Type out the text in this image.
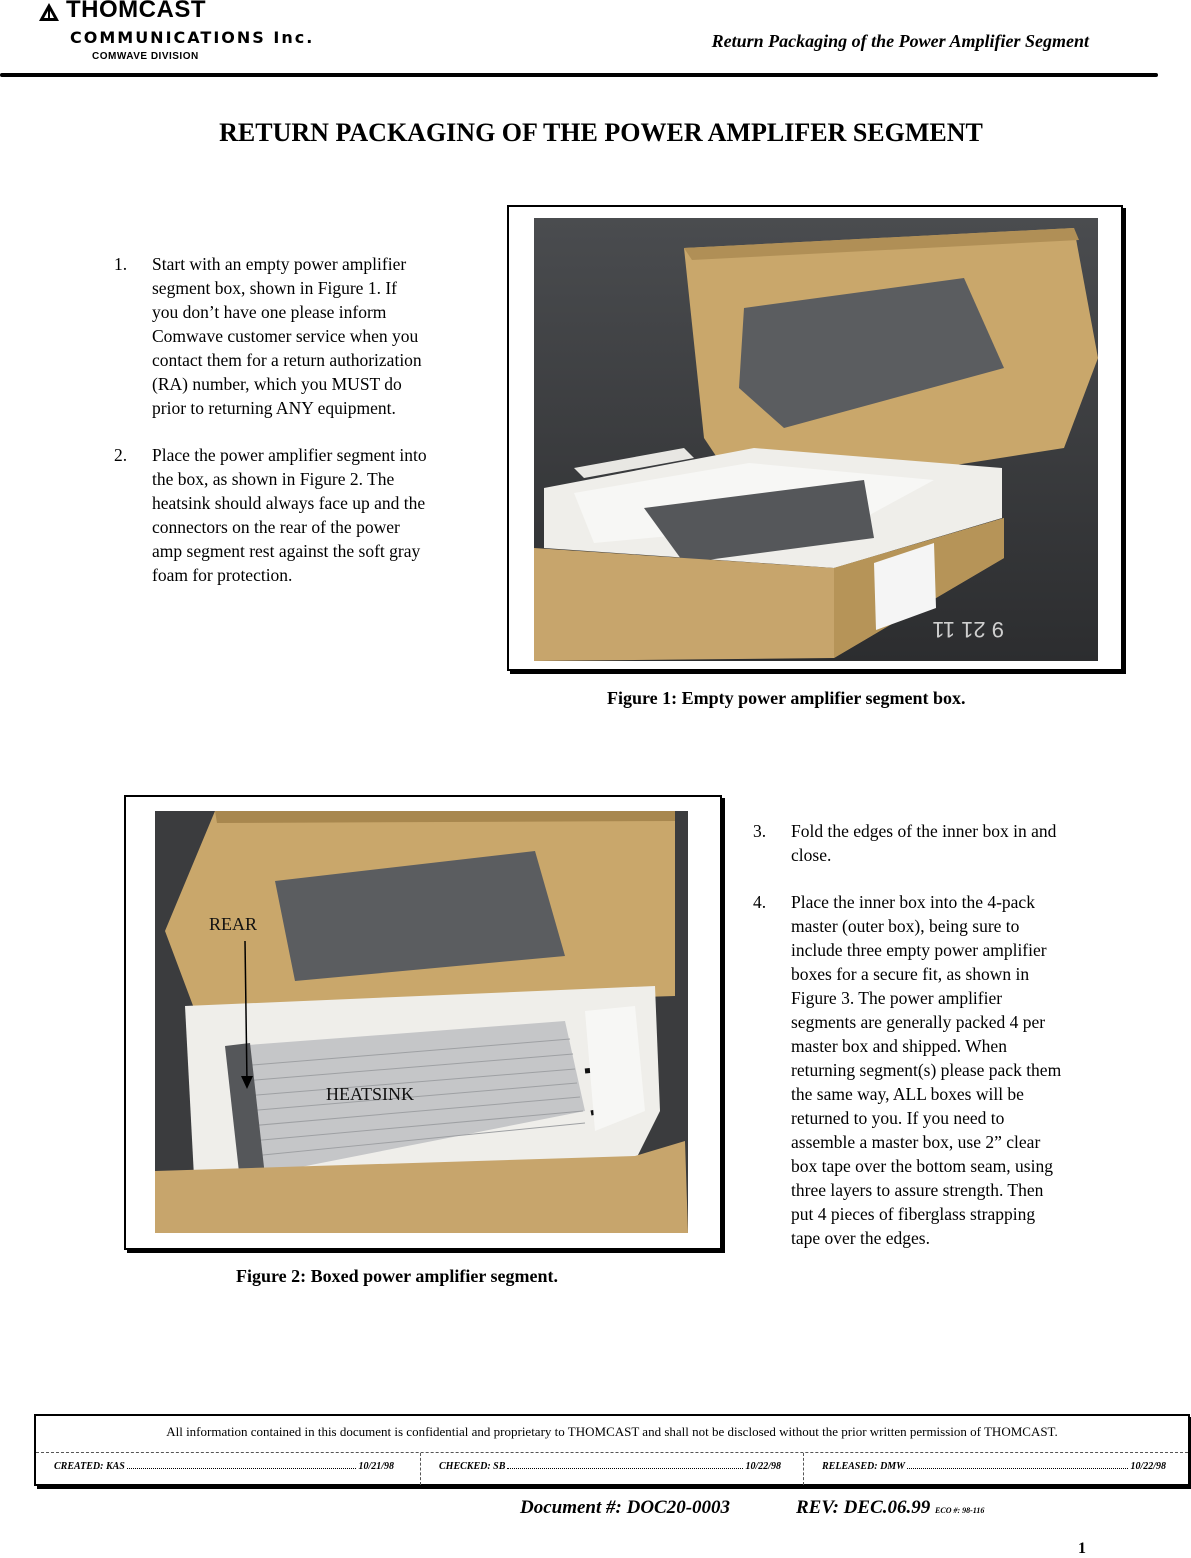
THOMCAST
COMMUNICATIONS Inc.
COMWAVE DIVISION
Return Packaging of the Power Amplifier Segment
RETURN PACKAGING OF THE POWER AMPLIFER SEGMENT
1. Start with an empty power amplifier
segment box, shown in Figure 1. If
you don’t have one please inform
Comwave customer service when you
contact them for a return authorization
(RA) number, which you MUST do
prior to returning ANY equipment.
2. Place the power amplifier segment into
the box, as shown in Figure 2. The
heatsink should always face up and the
connectors on the rear of the power
amp segment rest against the soft gray
foam for protection.
9 21 11
Figure 1: Empty power amplifier segment box.
REAR
HEATSINK
Figure 2: Boxed power amplifier segment.
3. Fold the edges of the inner box in and
close.
4. Place the inner box into the 4-pack
master (outer box), being sure to
include three empty power amplifier
boxes for a secure fit, as shown in
Figure 3. The power amplifier
segments are generally packed 4 per
master box and shipped. When
returning segment(s) please pack them
the same way, ALL boxes will be
returned to you. If you need to
assemble a master box, use 2” clear
box tape over the bottom seam, using
three layers to assure strength. Then
put 4 pieces of fiberglass strapping
tape over the edges.
All information contained in this document is confidential and proprietary to THOMCAST and shall not be disclosed without the prior written permission of THOMCAST.
CREATED: KAS	10/21/98	CHECKED: SB	10/22/98	RELEASED: DMW	10/22/98
Document #: DOC20-0003	REV: DEC.06.99 ECO #: 98-116
1
